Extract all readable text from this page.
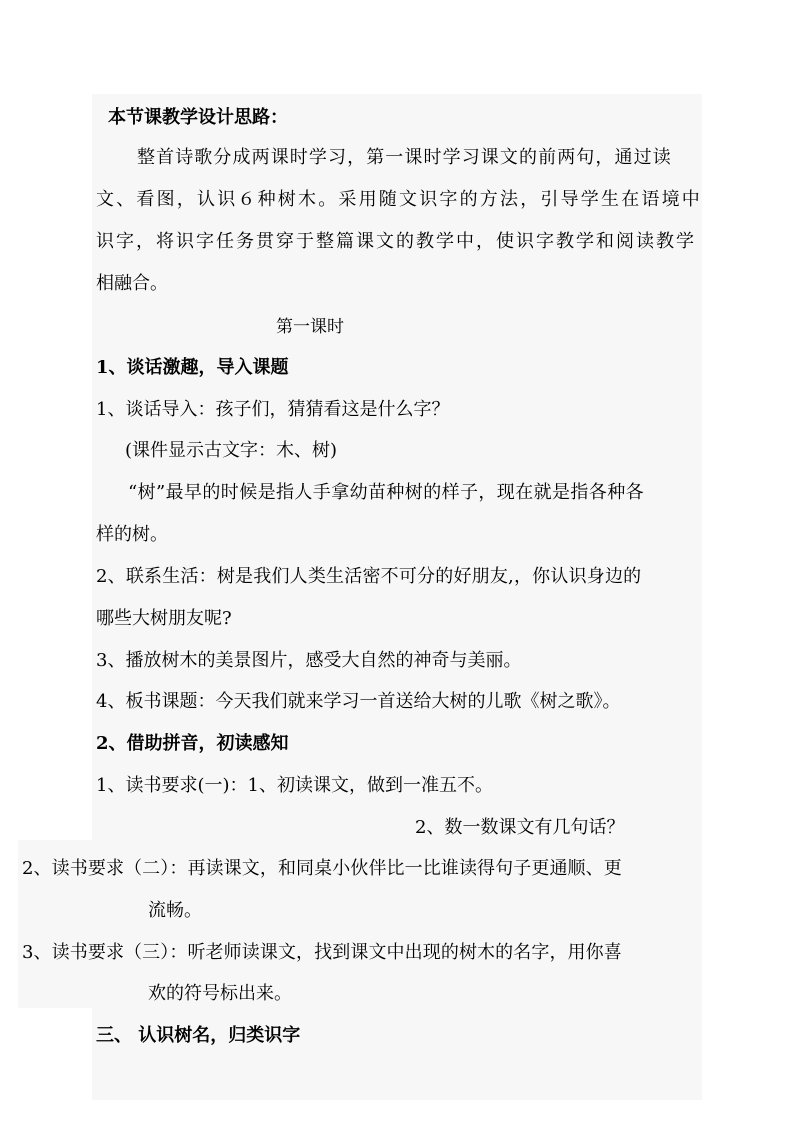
本节课教学设计思路：
整首诗歌分成两课时学习，第一课时学习课文的前两句，通过读
文、看图，认识６种树木。采用随文识字的方法，引导学生在语境中
识字，将识字任务贯穿于整篇课文的教学中，使识字教学和阅读教学
相融合。
第一课时
1、谈话激趣，导入课题
1、谈话导入：孩子们，猜猜看这是什么字？
(课件显示古文字：木、树)
“树”最早的时候是指人手拿幼苗种树的样子，现在就是指各种各
样的树。
2、联系生活：树是我们人类生活密不可分的好朋友,，你认识身边的
哪些大树朋友呢?
3、播放树木的美景图片，感受大自然的神奇与美丽。
4、板书课题：今天我们就来学习一首送给大树的儿歌《树之歌》。
2、借助拼音，初读感知
1、读书要求(一)：1、初读课文，做到一准五不。
2、数一数课文有几句话？
2、读书要求（二）：再读课文，和同桌小伙伴比一比谁读得句子更通顺、更
流畅。
3、读书要求（三）：听老师读课文，找到课文中出现的树木的名字，用你喜
欢的符号标出来。
三、 认识树名，归类识字
